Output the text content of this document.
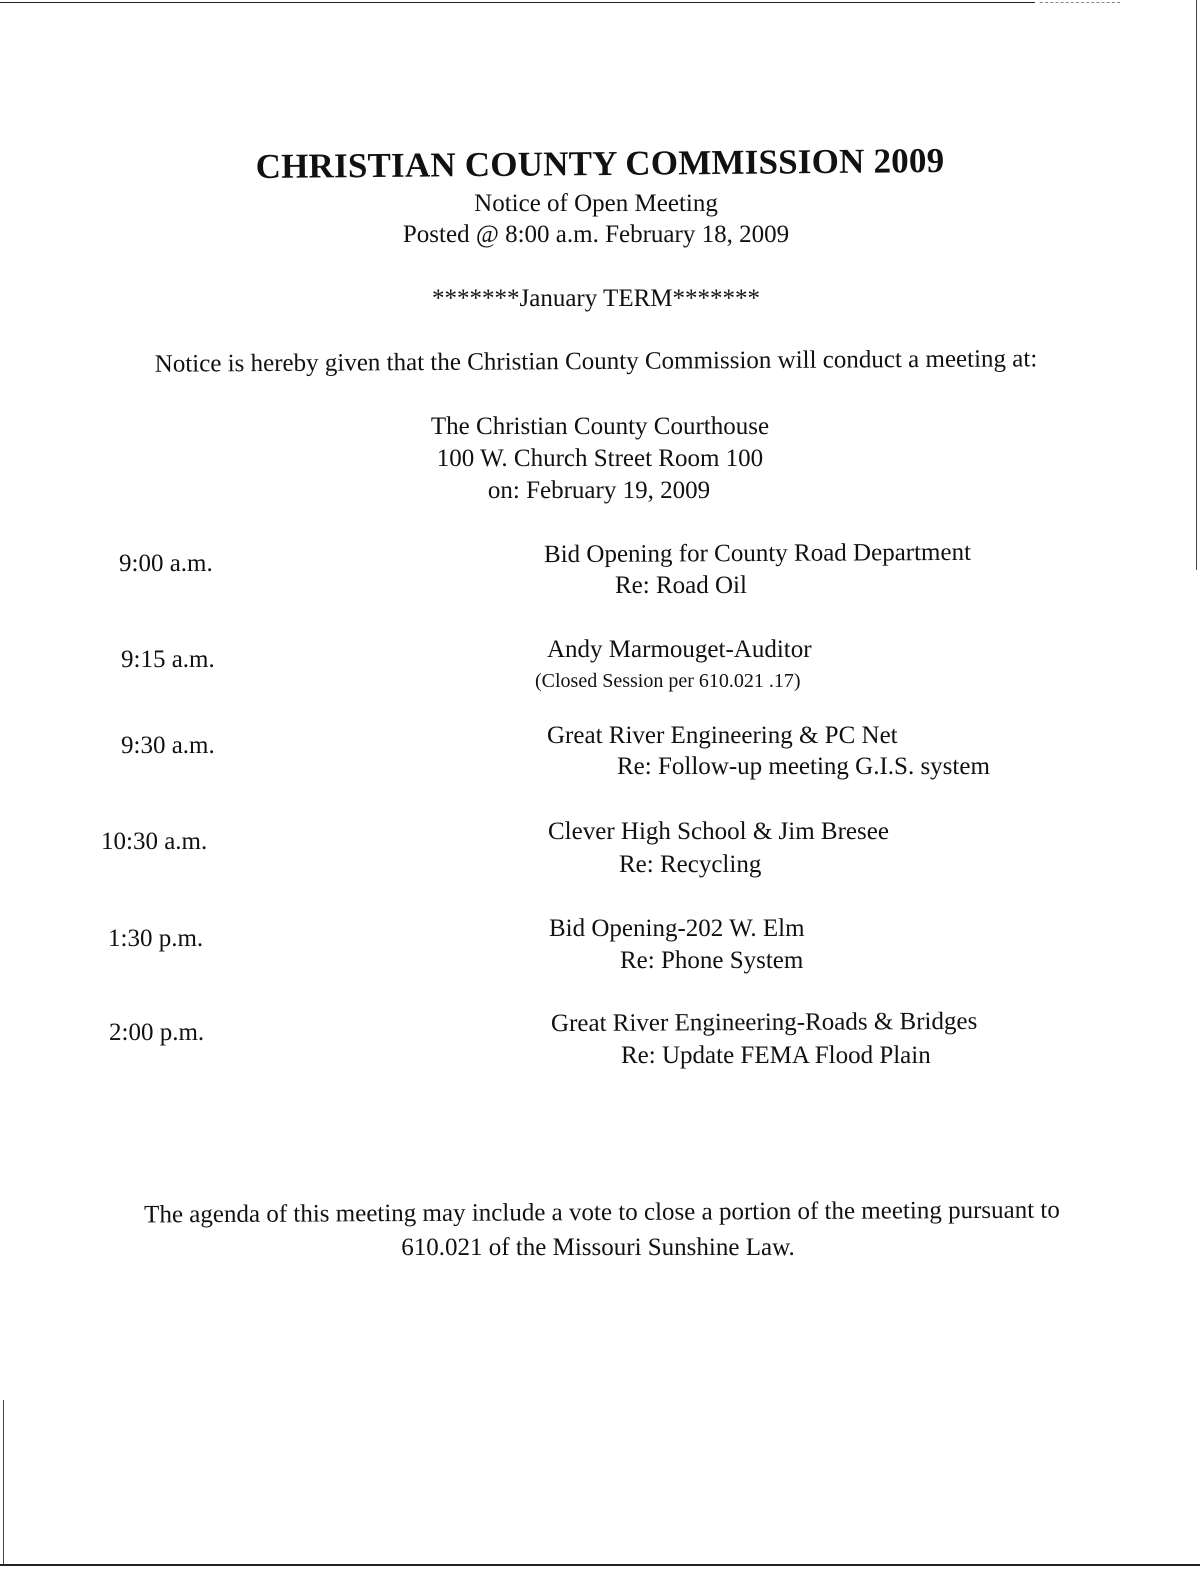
CHRISTIAN COUNTY COMMISSION 2009
Notice of Open Meeting
Posted @ 8:00 a.m. February 18, 2009
*******January TERM*******
Notice is hereby given that the Christian County Commission will conduct a meeting at:
The Christian County Courthouse
100 W. Church Street Room 100
on: February 19, 2009
9:00 a.m.	Bid Opening for County Road Department
Re: Road Oil
9:15 a.m.	Andy Marmouget-Auditor
(Closed Session per 610.021 .17)
9:30 a.m.	Great River Engineering & PC Net
Re: Follow-up meeting G.I.S. system
10:30 a.m.	Clever High School & Jim Bresee
Re: Recycling
1:30 p.m.	Bid Opening-202 W. Elm
Re: Phone System
2:00 p.m.	Great River Engineering-Roads & Bridges
Re: Update FEMA Flood Plain
The agenda of this meeting may include a vote to close a portion of the meeting pursuant to
610.021 of the Missouri Sunshine Law.
